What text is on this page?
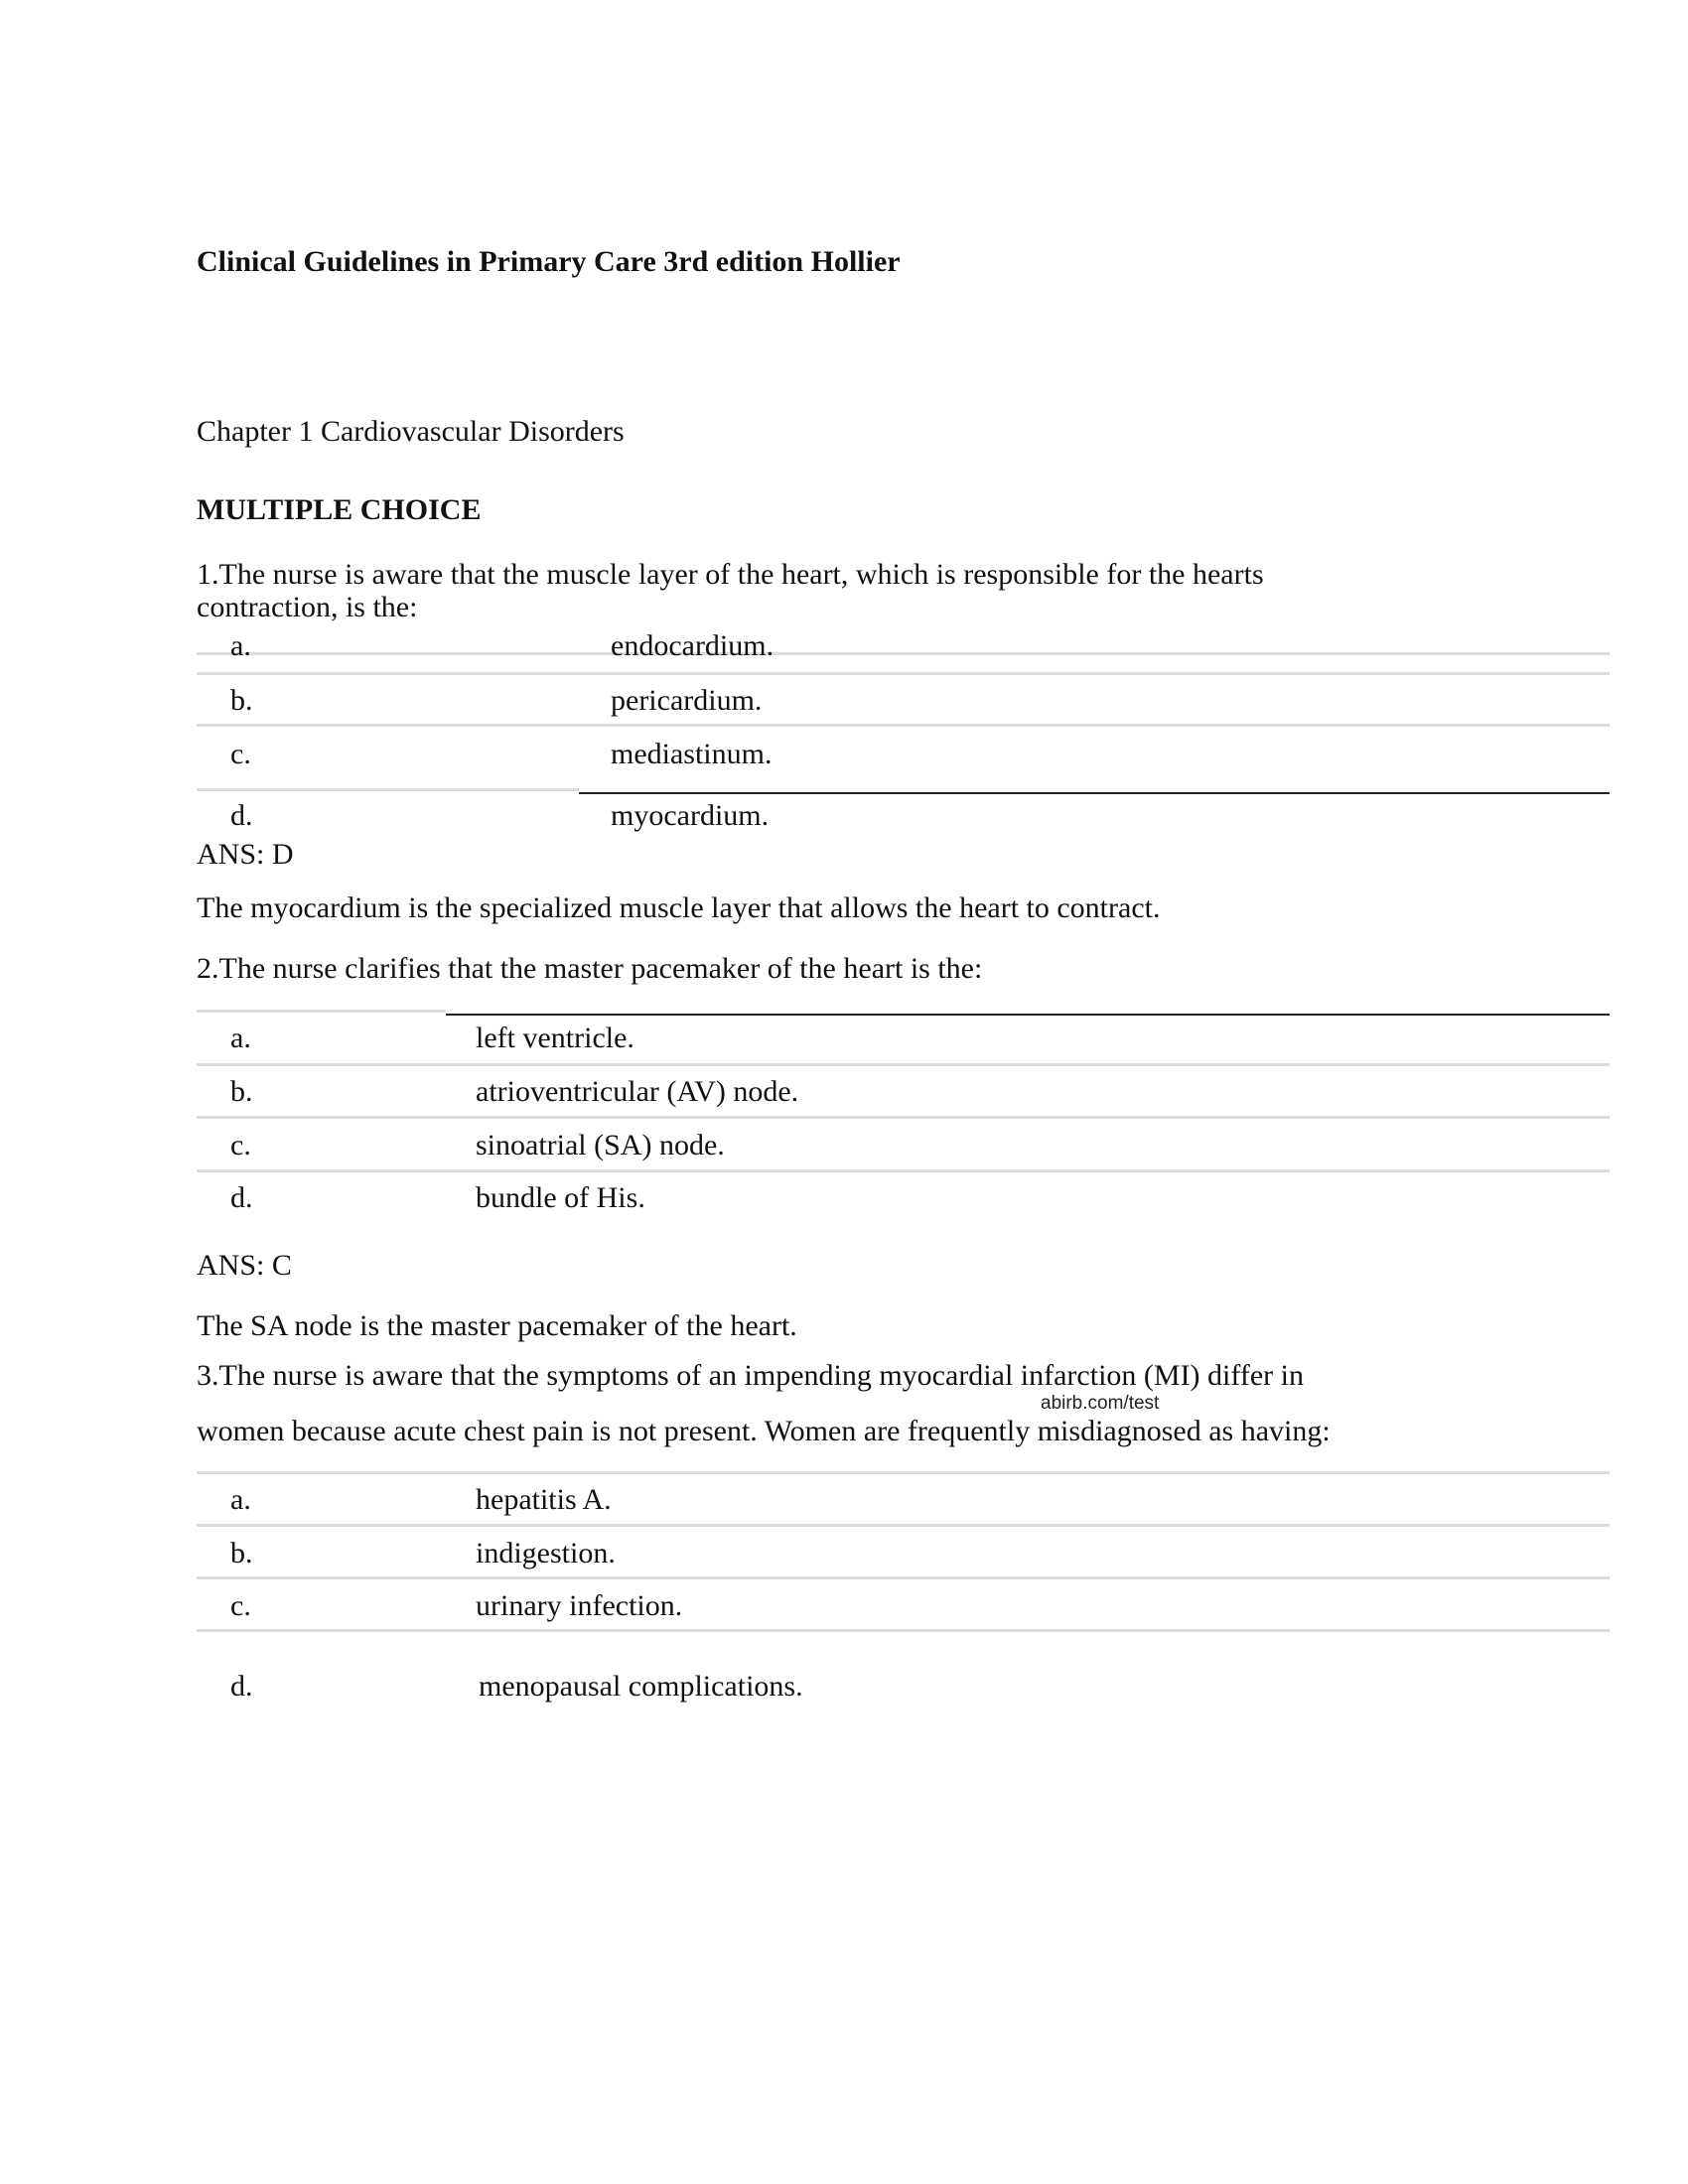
Clinical Guidelines in Primary Care 3rd edition Hollier
Chapter 1 Cardiovascular Disorders
MULTIPLE CHOICE
1.The nurse is aware that the muscle layer of the heart, which is responsible for the hearts
contraction, is the:
a.	endocardium.
b.	pericardium.
c.	mediastinum.
d.	myocardium.
ANS: D
The myocardium is the specialized muscle layer that allows the heart to contract.
2.The nurse clarifies that the master pacemaker of the heart is the:
a.	left ventricle.
b.	atrioventricular (AV) node.
c.	sinoatrial (SA) node.
d.	bundle of His.
ANS: C
The SA node is the master pacemaker of the heart.
3.The nurse is aware that the symptoms of an impending myocardial infarction (MI) differ in
abirb.com/test
women because acute chest pain is not present. Women are frequently misdiagnosed as having:
a.	hepatitis A.
b.	indigestion.
c.	urinary infection.
d.	menopausal complications.
